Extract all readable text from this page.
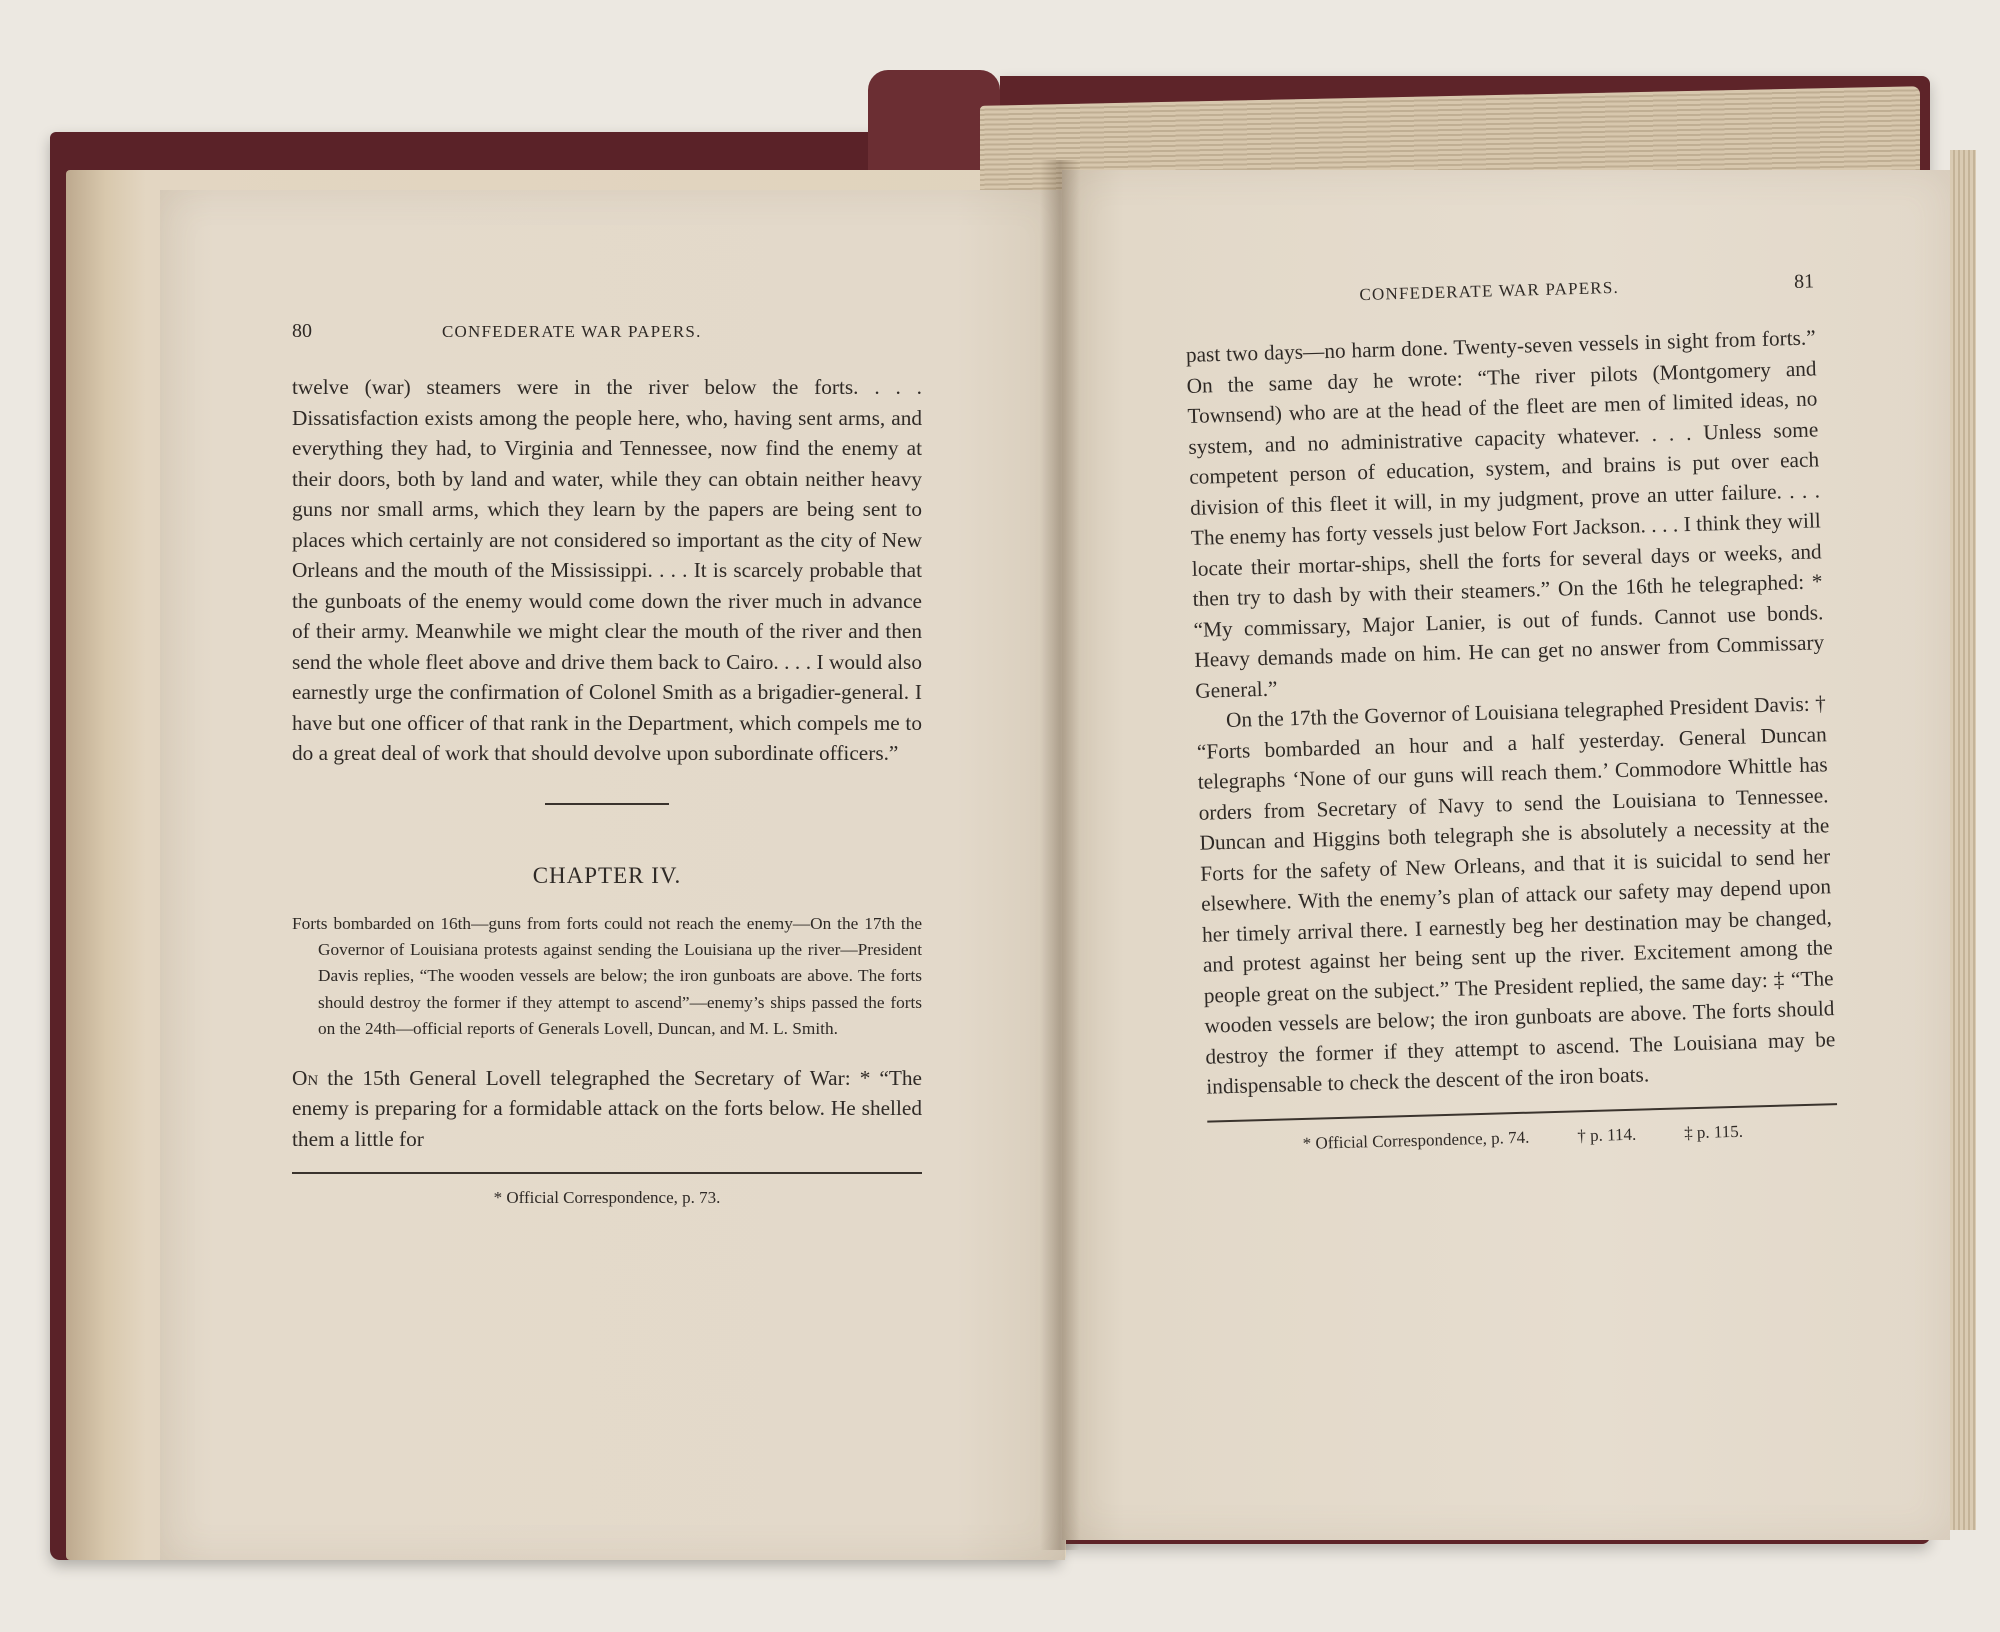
80	CONFEDERATE WAR PAPERS.

twelve (war) steamers were in the river below the forts. . . . Dissatisfaction exists among the people here, who, having sent arms, and everything they had, to Virginia and Tennessee, now find the enemy at their doors, both by land and water, while they can obtain neither heavy guns nor small arms, which they learn by the papers are being sent to places which certainly are not considered so important as the city of New Orleans and the mouth of the Mississippi. . . . It is scarcely probable that the gunboats of the enemy would come down the river much in advance of their army. Meanwhile we might clear the mouth of the river and then send the whole fleet above and drive them back to Cairo. . . . I would also earnestly urge the confirmation of Colonel Smith as a brigadier-general. I have but one officer of that rank in the Department, which compels me to do a great deal of work that should devolve upon subordinate officers.”

CHAPTER IV.
Forts bombarded on 16th—guns from forts could not reach the enemy—On the 17th the Governor of Louisiana protests against sending the Louisiana up the river—President Davis replies, “The wooden vessels are below; the iron gunboats are above. The forts should destroy the former if they attempt to ascend”—enemy’s ships passed the forts on the 24th—official reports of Generals Lovell, Duncan, and M. L. Smith.

On the 15th General Lovell telegraphed the Secretary of War: * “The enemy is preparing for a formidable attack on the forts below. He shelled them a little for

* Official Correspondence, p. 73.
CONFEDERATE WAR PAPERS.	81

past two days—no harm done. Twenty-seven vessels in sight from forts.” On the same day he wrote: “The river pilots (Montgomery and Townsend) who are at the head of the fleet are men of limited ideas, no system, and no administrative capacity whatever. . . . Unless some competent person of education, system, and brains is put over each division of this fleet it will, in my judgment, prove an utter failure. . . . The enemy has forty vessels just below Fort Jackson. . . . I think they will locate their mortar-ships, shell the forts for several days or weeks, and then try to dash by with their steamers.” On the 16th he telegraphed: * “My commissary, Major Lanier, is out of funds. Cannot use bonds. Heavy demands made on him. He can get no answer from Commissary General.”

On the 17th the Governor of Louisiana telegraphed President Davis: † “Forts bombarded an hour and a half yesterday. General Duncan telegraphs ‘None of our guns will reach them.’ Commodore Whittle has orders from Secretary of Navy to send the Louisiana to Tennessee. Duncan and Higgins both telegraph she is absolutely a necessity at the Forts for the safety of New Orleans, and that it is suicidal to send her elsewhere. With the enemy’s plan of attack our safety may depend upon her timely arrival there. I earnestly beg her destination may be changed, and protest against her being sent up the river. Excitement among the people great on the subject.” The President replied, the same day: ‡ “The wooden vessels are below; the iron gunboats are above. The forts should destroy the former if they attempt to ascend. The Louisiana may be indispensable to check the descent of the iron boats.

* Official Correspondence, p. 74.	† p. 114.	‡ p. 115.
